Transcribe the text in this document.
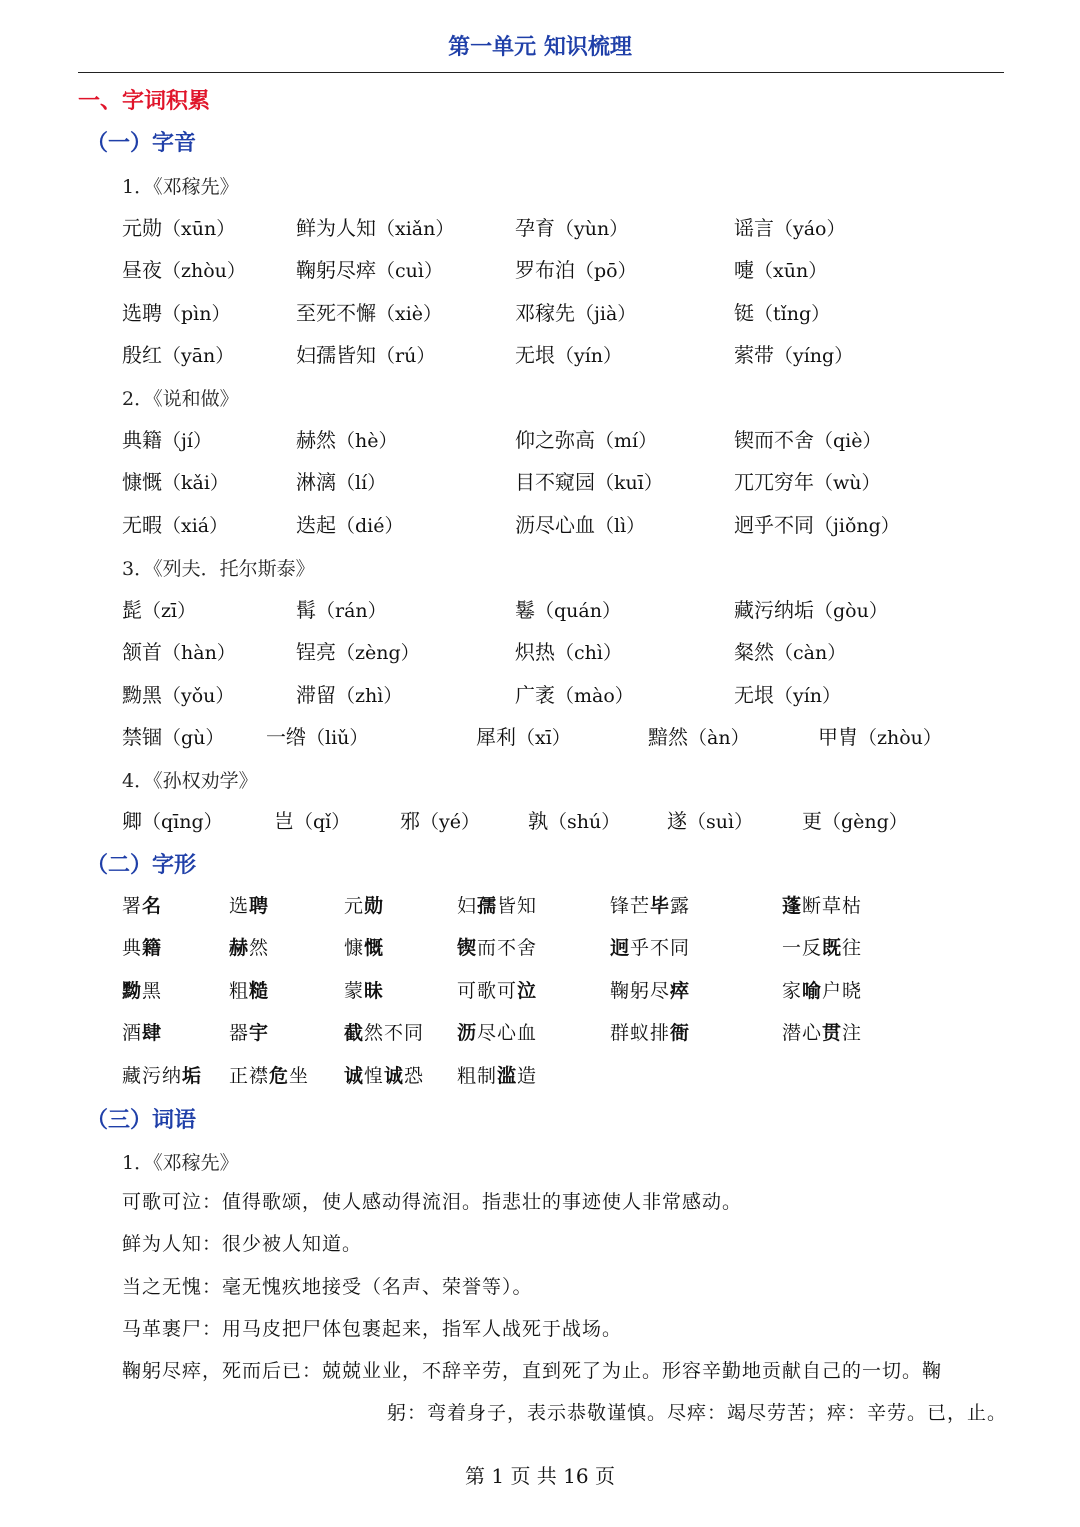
第一单元 知识梳理
一、字词积累
（一）字音
1．《邓稼先》
元勋（xūn）	鲜为人知（xiǎn）	孕育（yùn）	谣言（yáo）
昼夜（zhòu）	鞠躬尽瘁（cuì）	罗布泊（pō）	嚏（xūn）
选聘（pìn）	至死不懈（xiè）	邓稼先（jià）	铤（tǐng）
殷红（yān）	妇孺皆知（rú）	无垠（yín）	萦带（yíng）
典籍（jí）	赫然（hè）	仰之弥高（mí）	锲而不舍（qiè）
慷慨（kǎi）	淋漓（lí）	目不窥园（kuī）	兀兀穷年（wù）
无暇（xiá）	迭起（dié）	沥尽心血（lì）	迥乎不同（jiǒng）
髭（zī）	髯（rán）	鬈（quán）	藏污纳垢（gòu）
颔首（hàn）	锃亮（zèng）	炽热（chì）	粲然（càn）
黝黑（yǒu）	滞留（zhì）	广袤（mào）	无垠（yín）
禁锢（gù） 一绺（liǔ）	犀利（xī）	黯然（àn）	甲胄（zhòu）
卿（qīng）	岂（qǐ） 邪（yé） 孰（shú） 遂（suì） 更（gèng）
2．《说和做》
3．《列夫．托尔斯泰》
4．《孙权劝学》
（二）字形
署名	选聘	元勋	妇孺皆知	锋芒毕露	蓬断草枯
典籍	赫然	慷慨	锲而不舍	迥乎不同	一反既往
黝黑	粗糙	蒙昧	可歌可泣	鞠躬尽瘁	家喻户晓
酒肆	器宇	截然不同 沥尽心血	群蚁排衙	潜心贯注
藏污纳垢 正襟危坐 诚惶诚恐 粗制滥造
（三）词语
1．《邓稼先》
可歌可泣：值得歌颂，使人感动得流泪。指悲壮的事迹使人非常感动。
鲜为人知：很少被人知道。
当之无愧：毫无愧疚地接受（名声、荣誉等）。
马革裹尸：用马皮把尸体包裹起来，指军人战死于战场。
鞠躬尽瘁，死而后已：兢兢业业，不辞辛劳，直到死了为止。形容辛勤地贡献自己的一切。鞠
躬：弯着身子，表示恭敬谨慎。尽瘁：竭尽劳苦；瘁：辛劳。已，止。
第 1 页 共 16 页
